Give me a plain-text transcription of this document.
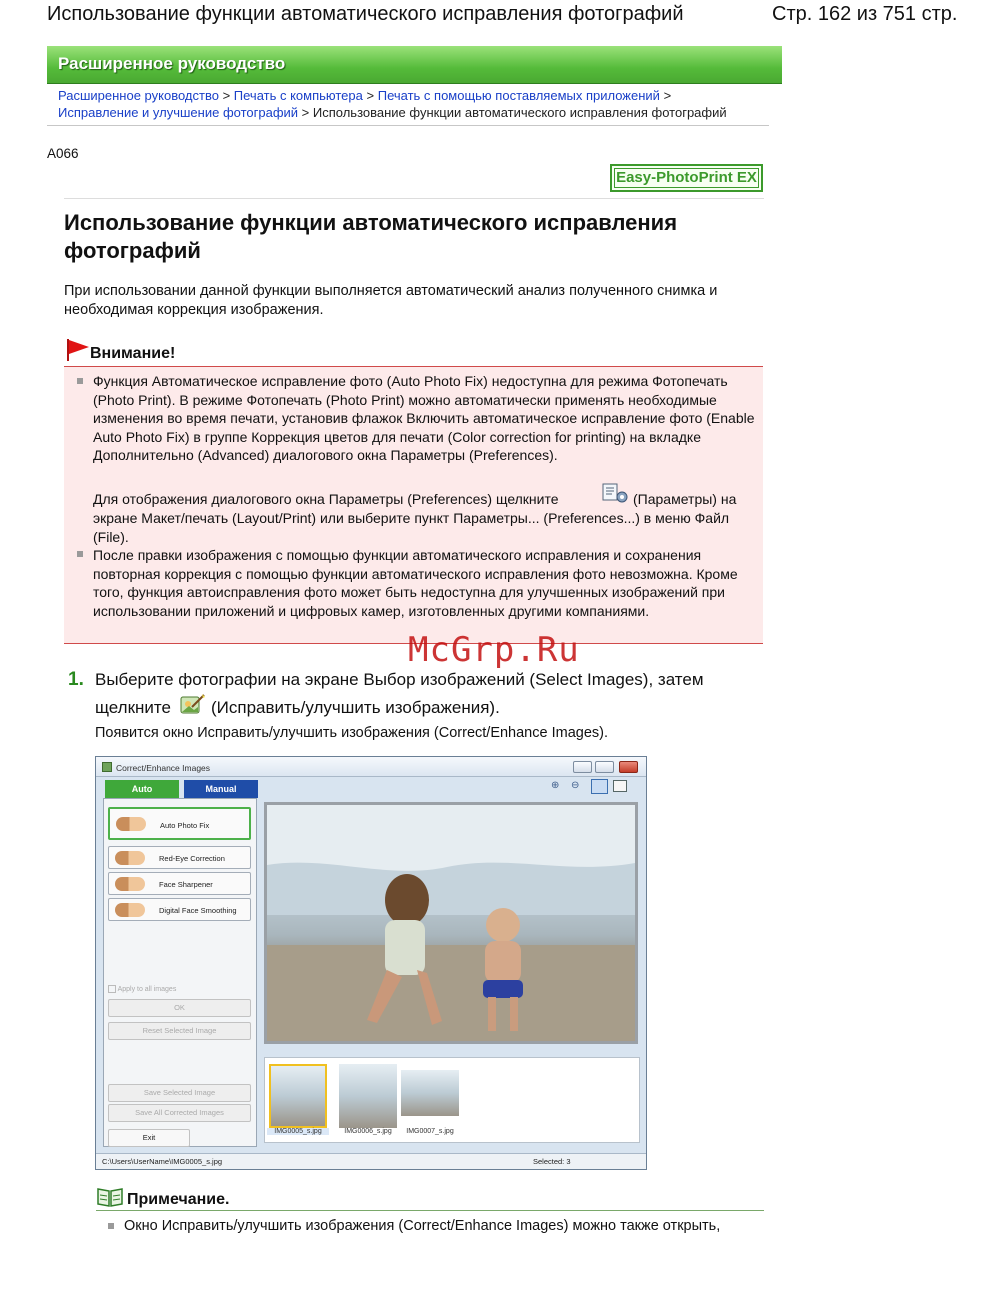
Использование функции автоматического исправления фотографий	Стр. 162 из 751 стр.
Расширенное руководство
Расширенное руководство > Печать с компьютера > Печать с помощью поставляемых приложений >
Исправление и улучшение фотографий > Использование функции автоматического исправления фотографий
A066
Easy-PhotoPrint EX
Использование функции автоматического исправления фотографий
При использовании данной функции выполняется автоматический анализ полученного снимка и необходимая коррекция изображения.
Внимание!
Функция Автоматическое исправление фото (Auto Photo Fix) недоступна для режима Фотопечать (Photo Print). В режиме Фотопечать (Photo Print) можно автоматически применять необходимые изменения во время печати, установив флажок Включить автоматическое исправление фото (Enable Auto Photo Fix) в группе Коррекция цветов для печати (Color correction for printing) на вкладке Дополнительно (Advanced) диалогового окна Параметры (Preferences).
Для отображения диалогового окна Параметры (Preferences) щелкните	(Параметры) на
экране Макет/печать (Layout/Print) или выберите пункт Параметры... (Preferences...) в меню Файл (File).
После правки изображения с помощью функции автоматического исправления и сохранения повторная коррекция с помощью функции автоматического исправления фото невозможна. Кроме того, функция автоисправления фото может быть недоступна для улучшенных изображений при использовании приложений и цифровых камер, изготовленных другими компаниями.
McGrp.Ru
1. Выберите фотографии на экране Выбор изображений (Select Images), затем
щелкните (Исправить/улучшить изображения).
Появится окно Исправить/улучшить изображения (Correct/Enhance Images).
Correct/Enhance Images
⊕ ⊖
Auto	Manual
Auto Photo Fix
Red-Eye Correction
Face Sharpener
Digital Face Smoothing
Apply to all images
OK
Reset Selected Image
Save Selected Image
Save All Corrected Images
Exit
IMG0005_s.jpg	IMG0006_s.jpg	IMG0007_s.jpg
C:\Users\UserName\IMG0005_s.jpg	Selected: 3
Примечание.
Окно Исправить/улучшить изображения (Correct/Enhance Images) можно также открыть,
